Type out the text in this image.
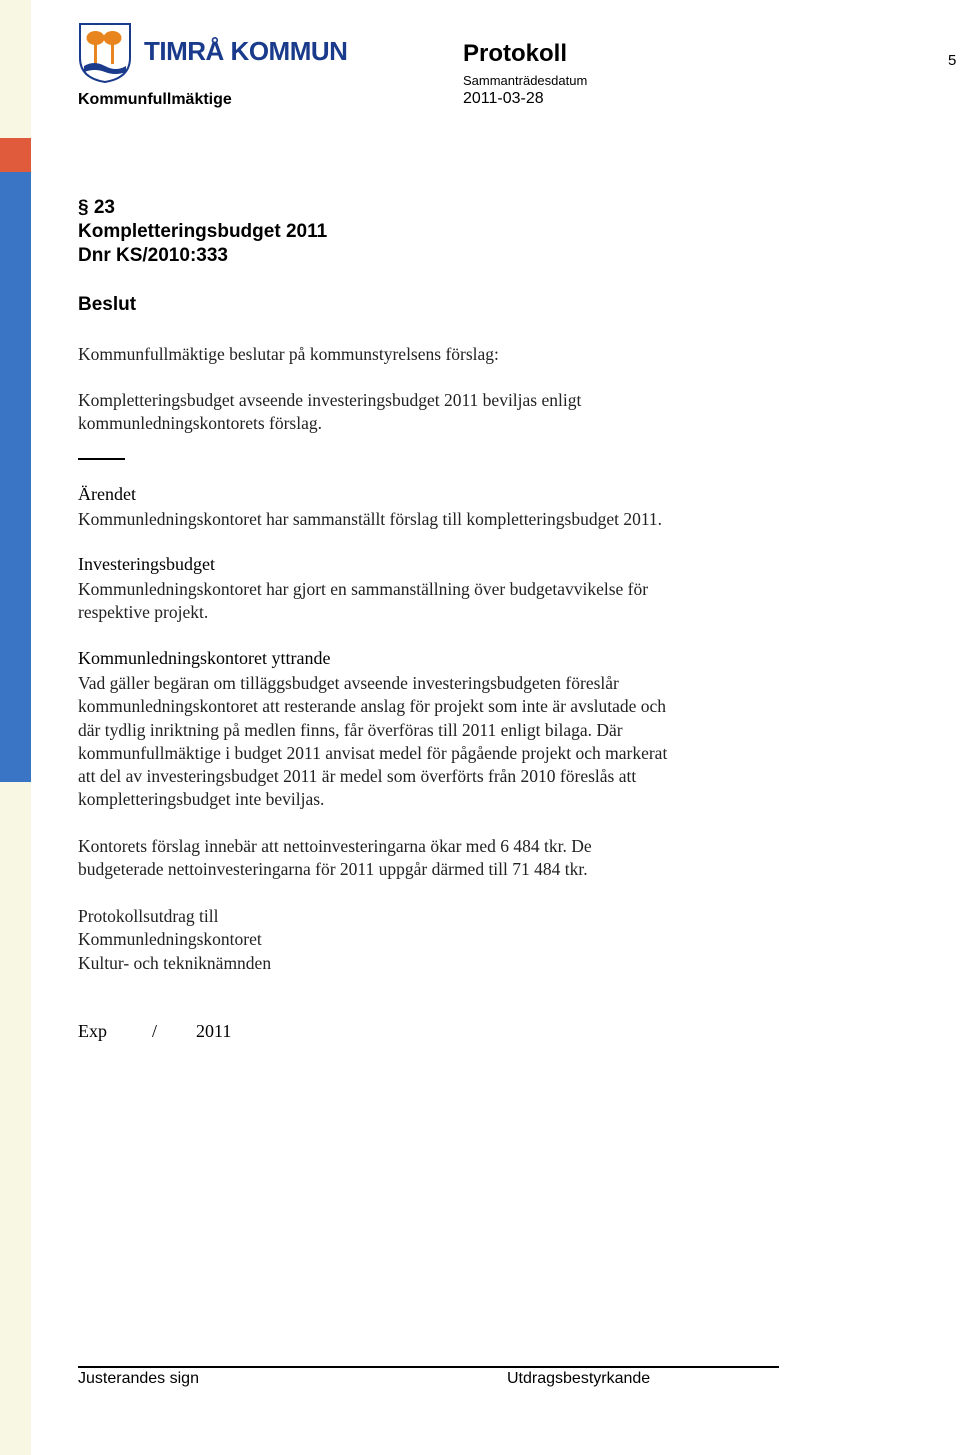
TIMRÅ KOMMUN
Kommunfullmäktige
Protokoll
Sammanträdesdatum
2011-03-28
5
§ 23
Kompletteringsbudget 2011
Dnr KS/2010:333
Beslut
Kommunfullmäktige beslutar på kommunstyrelsens förslag:
Kompletteringsbudget avseende investeringsbudget 2011 beviljas enligt
kommunledningskontorets förslag.
Ärendet
Kommunledningskontoret har sammanställt förslag till kompletteringsbudget 2011.
Investeringsbudget
Kommunledningskontoret har gjort en sammanställning över budgetavvikelse för
respektive projekt.
Kommunledningskontoret yttrande
Vad gäller begäran om tilläggsbudget avseende investeringsbudgeten föreslår
kommunledningskontoret att resterande anslag för projekt som inte är avslutade och
där tydlig inriktning på medlen finns, får överföras till 2011 enligt bilaga. Där
kommunfullmäktige i budget 2011 anvisat medel för pågående projekt och markerat
att del av investeringsbudget 2011 är medel som överförts från 2010 föreslås att
kompletteringsbudget inte beviljas.
Kontorets förslag innebär att nettoinvesteringarna ökar med 6 484 tkr. De
budgeterade nettoinvesteringarna för 2011 uppgår därmed till 71 484 tkr.
Protokollsutdrag till
Kommunledningskontoret
Kultur- och tekniknämnden
Exp	/ 2011
Justerandes sign	Utdragsbestyrkande
